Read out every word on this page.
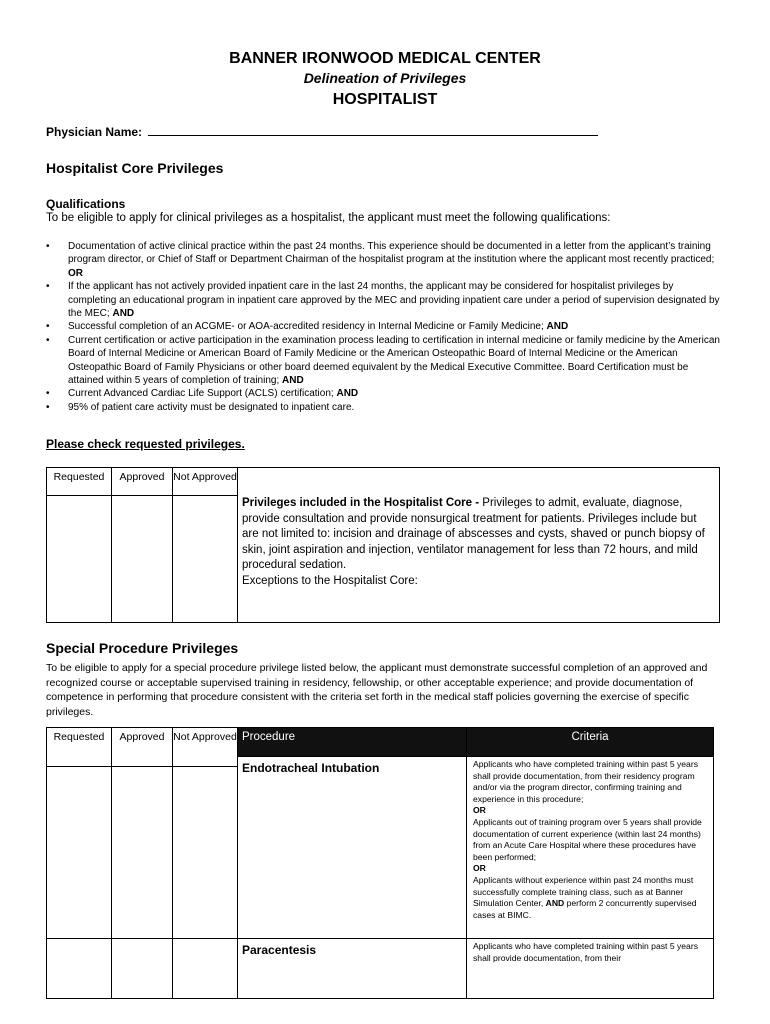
BANNER IRONWOOD MEDICAL CENTER
Delineation of Privileges
HOSPITALIST
Physician Name:
Hospitalist Core Privileges
Qualifications
To be eligible to apply for clinical privileges as a hospitalist, the applicant must meet the following qualifications:
• Documentation of active clinical practice within the past 24 months. This experience should be documented in a letter from the applicant’s training program director, or Chief of Staff or Department Chairman of the hospitalist program at the institution where the applicant most recently practiced; OR
• If the applicant has not actively provided inpatient care in the last 24 months, the applicant may be considered for hospitalist privileges by completing an educational program in inpatient care approved by the MEC and providing inpatient care under a period of supervision designated by the MEC; AND
• Successful completion of an ACGME- or AOA-accredited residency in Internal Medicine or Family Medicine; AND
• Current certification or active participation in the examination process leading to certification in internal medicine or family medicine by the American Board of Internal Medicine or American Board of Family Medicine or the American Osteopathic Board of Internal Medicine or the American Osteopathic Board of Family Physicians or other board deemed equivalent by the Medical Executive Committee. Board Certification must be attained within 5 years of completion of training; AND
• Current Advanced Cardiac Life Support (ACLS) certification; AND
• 95% of patient care activity must be designated to inpatient care.
Please check requested privileges.
Requested	Approved	Not Approved	Privileges included in the Hospitalist Core - Privileges to admit, evaluate, diagnose, provide consultation and provide nonsurgical treatment for patients. Privileges include but are not limited to: incision and drainage of abscesses and cysts, shaved or punch biopsy of skin, joint aspiration and injection, ventilator management for less than 72 hours, and mild procedural sedation.
Exceptions to the Hospitalist Core:

Special Procedure Privileges
To be eligible to apply for a special procedure privilege listed below, the applicant must demonstrate successful completion of an approved and recognized course or acceptable supervised training in residency, fellowship, or other acceptable experience; and provide documentation of competence in performing that procedure consistent with the criteria set forth in the medical staff policies governing the exercise of specific privileges.
Requested	Approved	Not Approved	Procedure	Criteria
			Endotracheal Intubation	Applicants who have completed training within past 5 years shall provide documentation, from their residency program and/or via the program director, confirming training and experience in this procedure;
OR
Applicants out of training program over 5 years shall provide documentation of current experience (within last 24 months) from an Acute Care Hospital where these procedures have been performed;
OR
Applicants without experience within past 24 months must successfully complete training class, such as at Banner Simulation Center, AND perform 2 concurrently supervised cases at BIMC.

			Paracentesis	Applicants who have completed training within past 5 years shall provide documentation, from their
